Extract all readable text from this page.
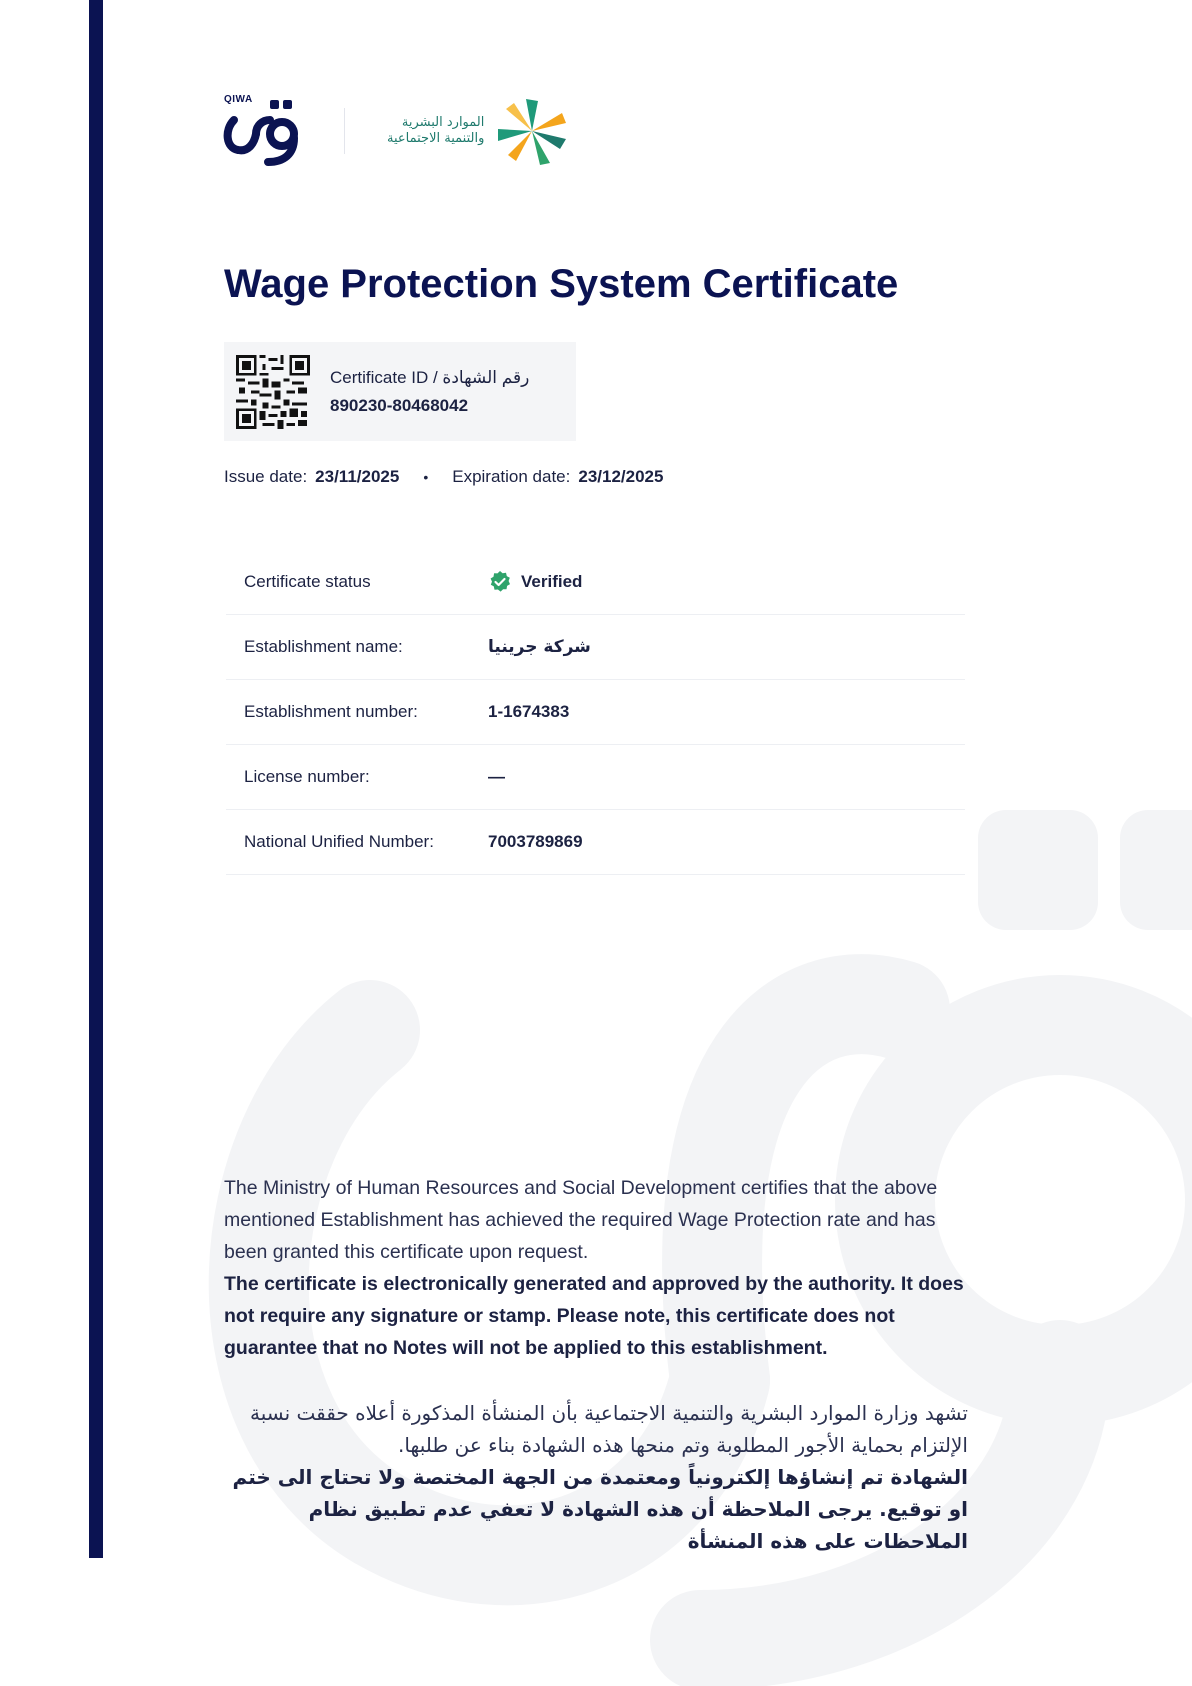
QIWA
الموارد البشرية
والتنمية الاجتماعية
Wage Protection System Certificate
Certificate ID / رقم الشهادة
890230-80468042
Issue date: 23/11/2025 • Expiration date: 23/12/2025
Certificate status	Verified
Establishment name:	شركة جرينيا
Establishment number:	1-1674383
License number:	—
National Unified Number:	7003789869
The Ministry of Human Resources and Social Development certifies that the above mentioned Establishment has achieved the required Wage Protection rate and has been granted this certificate upon request.
The certificate is electronically generated and approved by the authority. It does not require any signature or stamp. Please note, this certificate does not guarantee that no Notes will not be applied to this establishment.
تشهد وزارة الموارد البشرية والتنمية الاجتماعية بأن المنشأة المذكورة أعلاه حققت نسبة الإلتزام بحماية الأجور المطلوبة وتم منحها هذه الشهادة بناء عن طلبها.
الشهادة تم إنشاؤها إلكترونياً ومعتمدة من الجهة المختصة ولا تحتاج الى ختم او توقيع. يرجى الملاحظة أن هذه الشهادة لا تعفي عدم تطبيق نظام الملاحظات على هذه المنشأة
